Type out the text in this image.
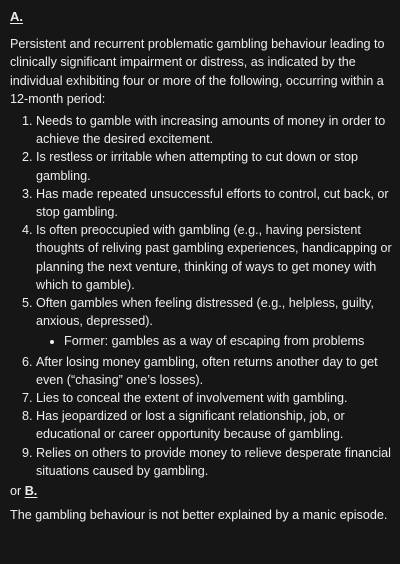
A.
Persistent and recurrent problematic gambling behaviour leading to clinically significant impairment or distress, as indicated by the individual exhibiting four or more of the following, occurring within a 12-month period:
1. Needs to gamble with increasing amounts of money in order to achieve the desired excitement.
2. Is restless or irritable when attempting to cut down or stop gambling.
3. Has made repeated unsuccessful efforts to control, cut back, or stop gambling.
4. Is often preoccupied with gambling (e.g., having persistent thoughts of reliving past gambling experiences, handicapping or planning the next venture, thinking of ways to get money with which to gamble).
5. Often gambles when feeling distressed (e.g., helpless, guilty, anxious, depressed).
• Former: gambles as a way of escaping from problems
6. After losing money gambling, often returns another day to get even (“chasing” one’s losses).
7. Lies to conceal the extent of involvement with gambling.
8. Has jeopardized or lost a significant relationship, job, or educational or career opportunity because of gambling.
9. Relies on others to provide money to relieve desperate financial situations caused by gambling.
or B.
The gambling behaviour is not better explained by a manic episode.
